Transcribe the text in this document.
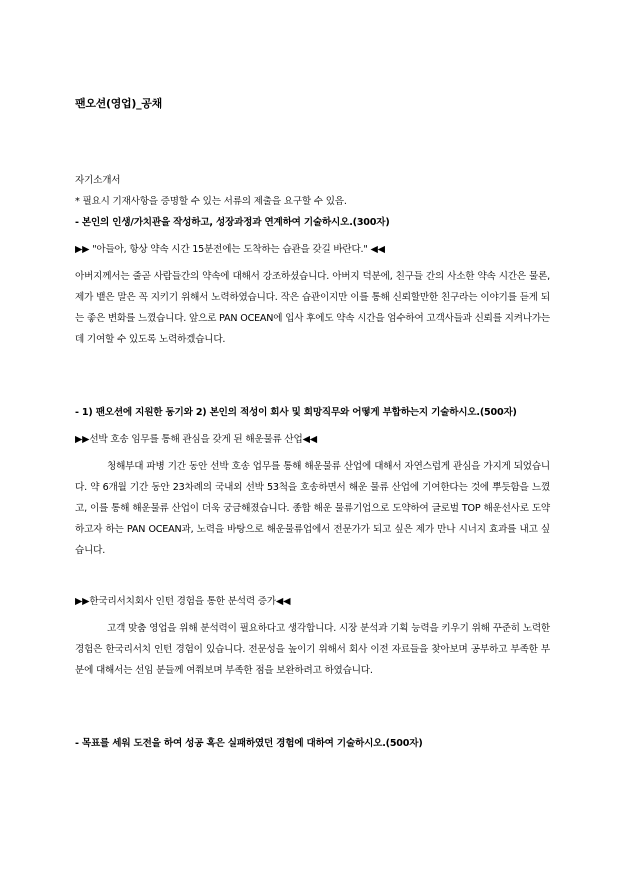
팬오션(영업)_공채

자기소개서

* 필요시 기재사항을 증명할 수 있는 서류의 제출을 요구할 수 있음.

- 본인의 인생/가치관을 작성하고, 성장과정과 연계하여 기술하시오.(300자)

▶▶ "아들아, 항상 약속 시간 15분전에는 도착하는 습관을 갖길 바란다." ◀◀

아버지께서는 줄곧 사람들간의 약속에 대해서 강조하셨습니다. 아버지 덕분에, 친구들 간의 사소한 약속 시간은 물론, 제가 뱉은 말은 꼭 지키기 위해서 노력하였습니다. 작은 습관이지만 이를 통해 신뢰할만한 친구라는 이야기를 듣게 되는 좋은 변화를 느꼈습니다. 앞으로 PAN OCEAN에 입사 후에도 약속 시간을 엄수하여 고객사들과 신뢰를 지켜나가는데 기여할 수 있도록 노력하겠습니다.

- 1) 팬오션에 지원한 동기와 2) 본인의 적성이 회사 및 희망직무와 어떻게 부합하는지 기술하시오.(500자)

▶▶선박 호송 임무를 통해 관심을 갖게 된 해운물류 산업◀◀

청해부대 파병 기간 동안 선박 호송 업무를 통해 해운물류 산업에 대해서 자연스럽게 관심을 가지게 되었습니다. 약 6개월 기간 동안 23차례의 국내외 선박 53척을 호송하면서 해운 물류 산업에 기여한다는 것에 뿌듯함을 느꼈고, 이를 통해 해운물류 산업이 더욱 궁금해졌습니다. 종합 해운 물류기업으로 도약하여 글로벌 TOP 해운선사로 도약하고자 하는 PAN OCEAN과, 노력을 바탕으로 해운물류업에서 전문가가 되고 싶은 제가 만나 시너지 효과를 내고 싶습니다.

▶▶한국리서치회사 인턴 경험을 통한 분석력 증가◀◀

고객 맞춤 영업을 위해 분석력이 필요하다고 생각합니다. 시장 분석과 기획 능력을 키우기 위해 꾸준히 노력한 경험은 한국리서치 인턴 경험이 있습니다. 전문성을 높이기 위해서 회사 이전 자료들을 찾아보며 공부하고 부족한 부분에 대해서는 선임 분들께 여쭤보며 부족한 점을 보완하려고 하였습니다.

- 목표를 세워 도전을 하여 성공 혹은 실패하였던 경험에 대하여 기술하시오.(500자)
